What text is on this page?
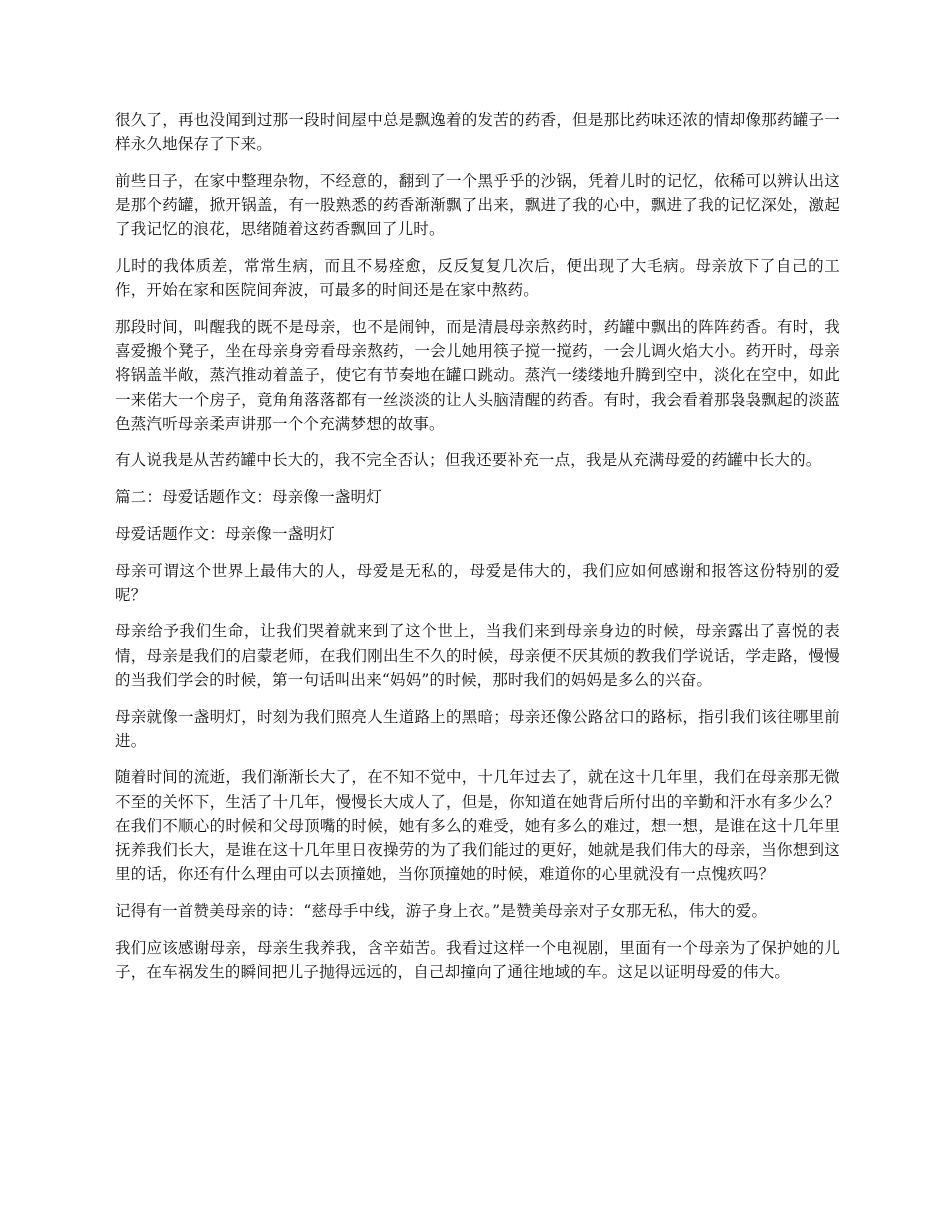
很久了，再也没闻到过那一段时间屋中总是飘逸着的发苦的药香，但是那比药味还浓的情却像那药罐子一样永久地保存了下来。

前些日子，在家中整理杂物，不经意的，翻到了一个黑乎乎的沙锅，凭着儿时的记忆，依稀可以辨认出这是那个药罐，掀开锅盖，有一股熟悉的药香渐渐飘了出来，飘进了我的心中，飘进了我的记忆深处，激起了我记忆的浪花，思绪随着这药香飘回了儿时。

儿时的我体质差，常常生病，而且不易痊愈，反反复复几次后，便出现了大毛病。母亲放下了自己的工作，开始在家和医院间奔波，可最多的时间还是在家中熬药。

那段时间，叫醒我的既不是母亲，也不是闹钟，而是清晨母亲熬药时，药罐中飘出的阵阵药香。有时，我喜爱搬个凳子，坐在母亲身旁看母亲熬药，一会儿她用筷子搅一搅药，一会儿调火焰大小。药开时，母亲将锅盖半敞，蒸汽推动着盖子，使它有节奏地在罐口跳动。蒸汽一缕缕地升腾到空中，淡化在空中，如此一来偌大一个房子，竟角角落落都有一丝淡淡的让人头脑清醒的药香。有时，我会看着那袅袅飘起的淡蓝色蒸汽听母亲柔声讲那一个个充满梦想的故事。

有人说我是从苦药罐中长大的，我不完全否认；但我还要补充一点，我是从充满母爱的药罐中长大的。

篇二：母爱话题作文：母亲像一盏明灯

母爱话题作文：母亲像一盏明灯

母亲可谓这个世界上最伟大的人，母爱是无私的，母爱是伟大的，我们应如何感谢和报答这份特别的爱呢？

母亲给予我们生命，让我们哭着就来到了这个世上，当我们来到母亲身边的时候，母亲露出了喜悦的表情，母亲是我们的启蒙老师，在我们刚出生不久的时候，母亲便不厌其烦的教我们学说话，学走路，慢慢的当我们学会的时候，第一句话叫出来“妈妈”的时候，那时我们的妈妈是多么的兴奋。

母亲就像一盏明灯，时刻为我们照亮人生道路上的黑暗；母亲还像公路岔口的路标，指引我们该往哪里前进。

随着时间的流逝，我们渐渐长大了，在不知不觉中，十几年过去了，就在这十几年里，我们在母亲那无微不至的关怀下，生活了十几年，慢慢长大成人了，但是，你知道在她背后所付出的辛勤和汗水有多少么？在我们不顺心的时候和父母顶嘴的时候，她有多么的难受，她有多么的难过，想一想，是谁在这十几年里抚养我们长大，是谁在这十几年里日夜操劳的为了我们能过的更好，她就是我们伟大的母亲，当你想到这里的话，你还有什么理由可以去顶撞她，当你顶撞她的时候，难道你的心里就没有一点愧疚吗？

记得有一首赞美母亲的诗：“慈母手中线，游子身上衣。”是赞美母亲对子女那无私，伟大的爱。

我们应该感谢母亲，母亲生我养我，含辛茹苦。我看过这样一个电视剧，里面有一个母亲为了保护她的儿子，在车祸发生的瞬间把儿子抛得远远的，自己却撞向了通往地域的车。这足以证明母爱的伟大。
